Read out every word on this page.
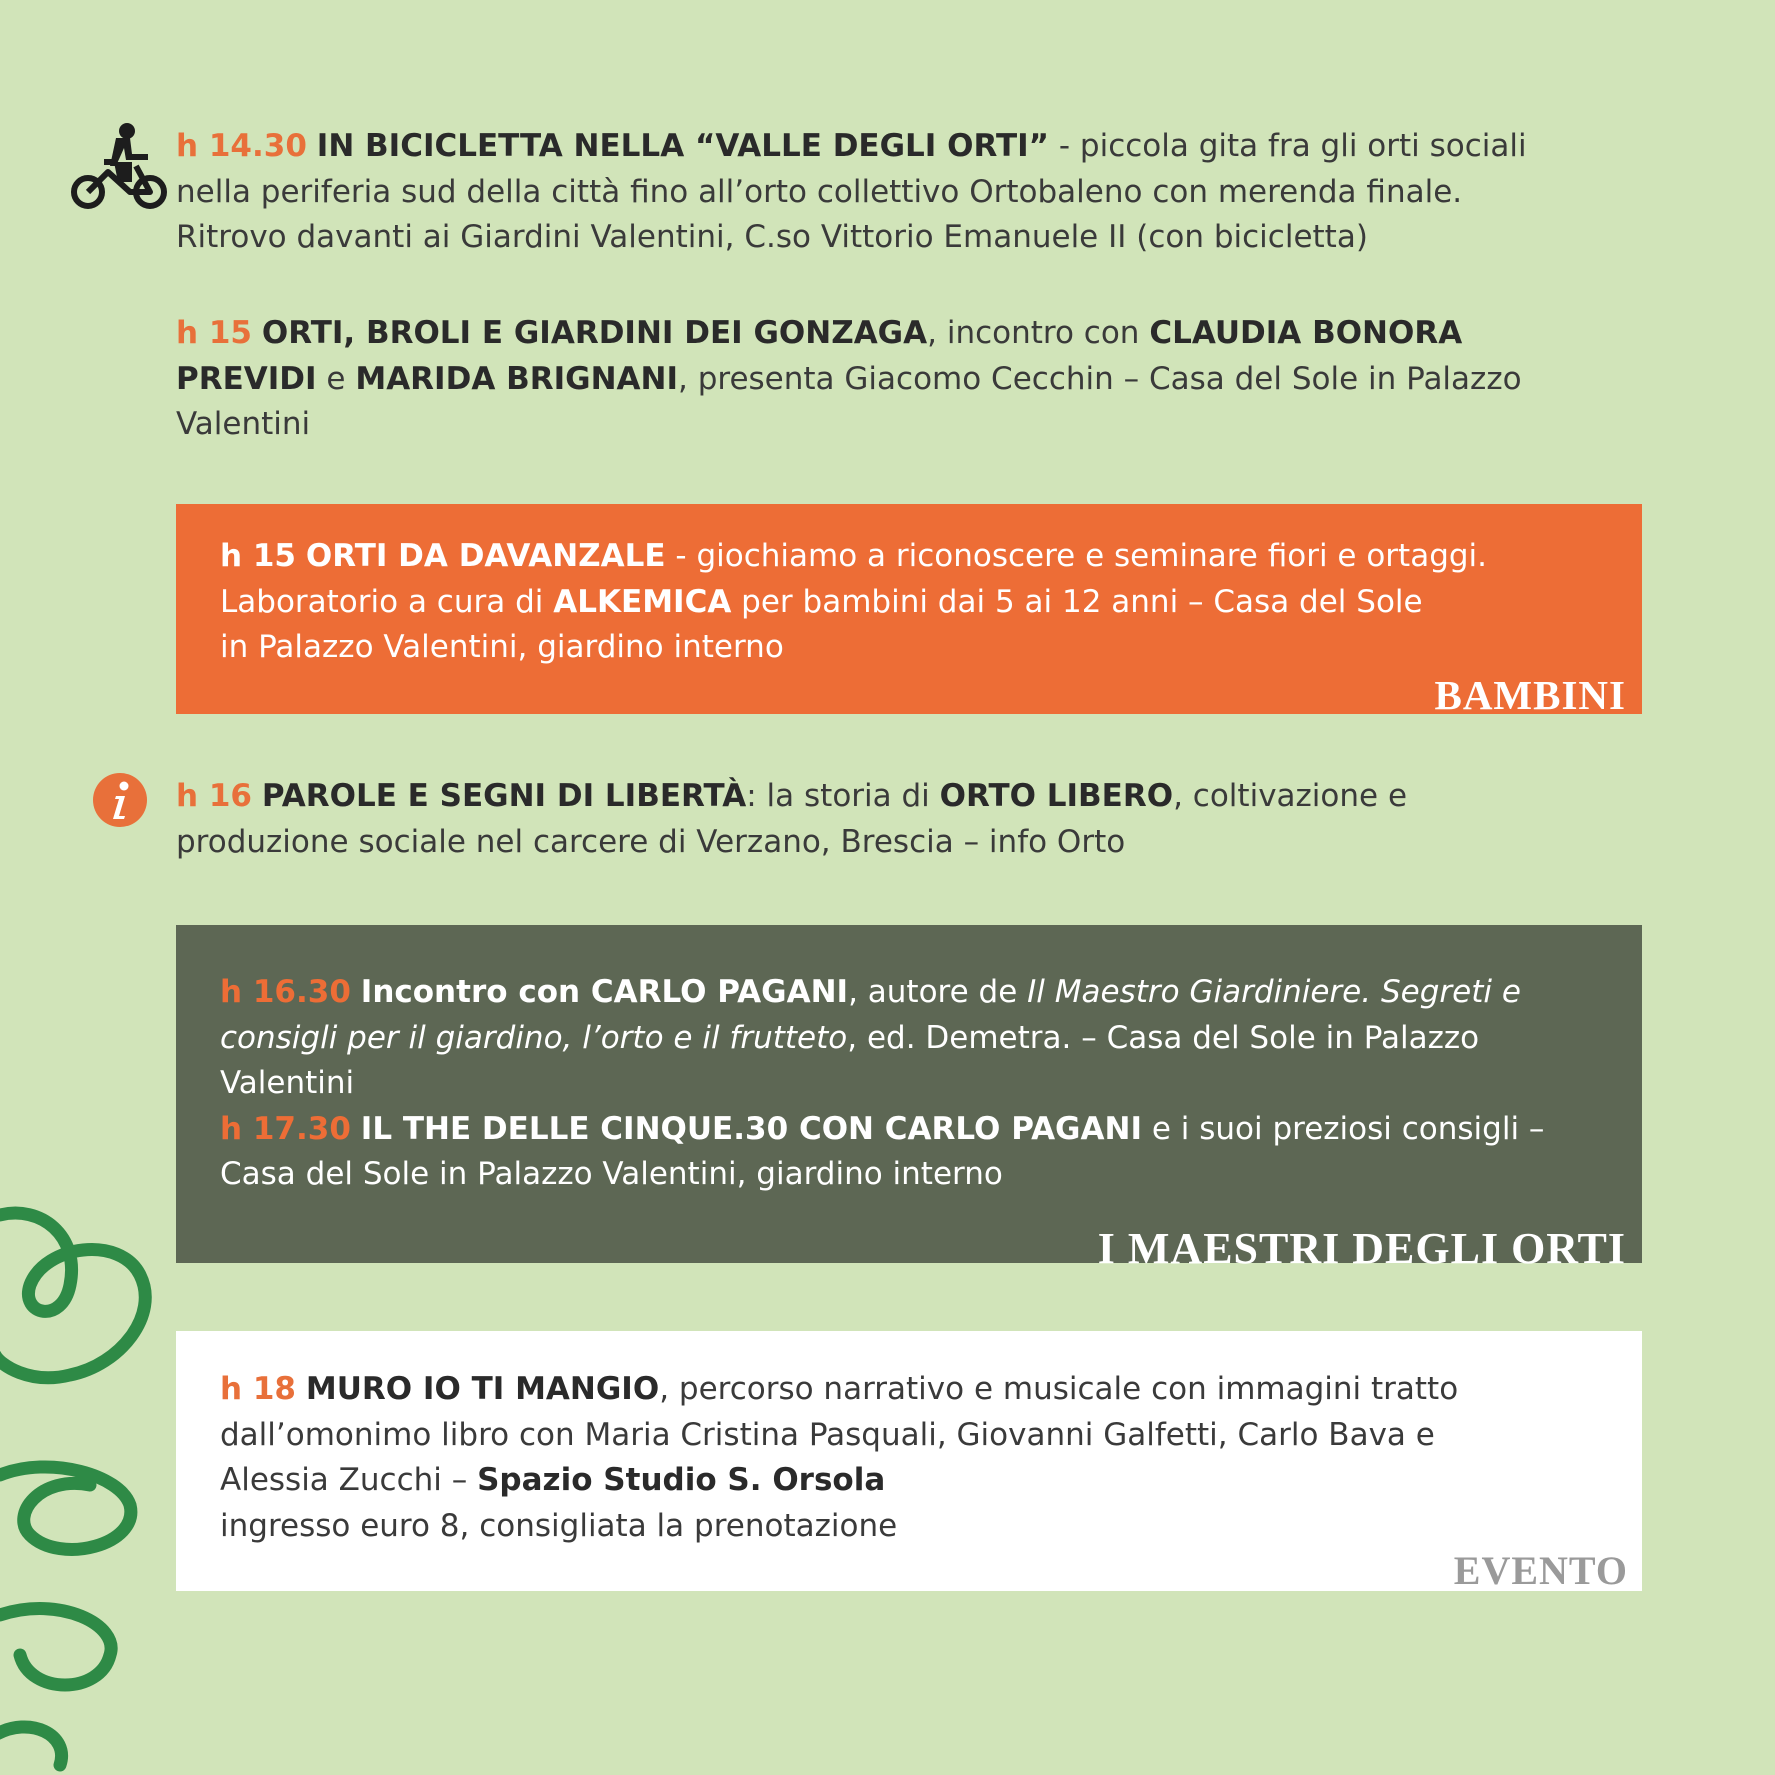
h 14.30 IN BICICLETTA NELLA “VALLE DEGLI ORTI” - piccola gita fra gli orti sociali
nella periferia sud della città fino all’orto collettivo Ortobaleno con merenda finale.
Ritrovo davanti ai Giardini Valentini, C.so Vittorio Emanuele II (con bicicletta)
h 15 ORTI, BROLI E GIARDINI DEI GONZAGA, incontro con CLAUDIA BONORA
PREVIDI e MARIDA BRIGNANI, presenta Giacomo Cecchin – Casa del Sole in Palazzo
Valentini
h 15 ORTI DA DAVANZALE - giochiamo a riconoscere e seminare fiori e ortaggi.
Laboratorio a cura di ALKEMICA per bambini dai 5 ai 12 anni – Casa del Sole
in Palazzo Valentini, giardino interno
BAMBINI
h 16 PAROLE E SEGNI DI LIBERTÀ: la storia di ORTO LIBERO, coltivazione e
produzione sociale nel carcere di Verzano, Brescia – info Orto
h 16.30 Incontro con CARLO PAGANI, autore de Il Maestro Giardiniere. Segreti e
consigli per il giardino, l’orto e il frutteto, ed. Demetra. – Casa del Sole in Palazzo
Valentini
h 17.30 IL THE DELLE CINQUE.30 CON CARLO PAGANI e i suoi preziosi consigli –
Casa del Sole in Palazzo Valentini, giardino interno
I MAESTRI DEGLI ORTI
h 18 MURO IO TI MANGIO, percorso narrativo e musicale con immagini tratto
dall’omonimo libro con Maria Cristina Pasquali, Giovanni Galfetti, Carlo Bava e
Alessia Zucchi – Spazio Studio S. Orsola
ingresso euro 8, consigliata la prenotazione
EVENTO
